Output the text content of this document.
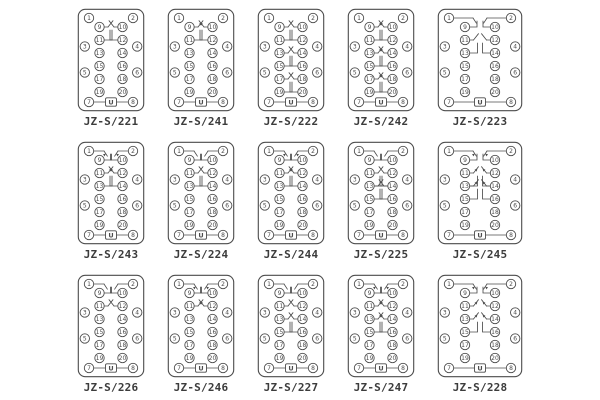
U
1
3
5
7
2
4
6
8
9
11
13
15
17
19
10
12
14
16
18
20
JZ-S/221
U
1
3
5
7
2
4
6
8
9
11
13
15
17
19
10
12
14
16
18
20
JZ-S/241
U
1
3
5
7
2
4
6
8
9
11
13
15
17
19
10
12
14
16
18
20
JZ-S/222
U
1
3
5
7
2
4
6
8
9
11
13
15
17
19
10
12
14
16
18
20
JZ-S/242
U
1
3
5
7
2
4
6
8
9
11
13
15
17
19
10
12
14
16
18
20
JZ-S/223
U
1
3
5
7
2
4
6
8
9
11
13
15
17
19
10
12
14
16
18
20
JZ-S/243
U
1
3
5
7
2
4
6
8
9
11
13
15
17
19
10
12
14
16
18
20
JZ-S/224
U
1
3
5
7
2
4
6
8
9
11
13
15
17
19
10
12
14
16
18
20
JZ-S/244
U
1
3
5
7
2
4
6
8
9
11
13
15
17
19
10
12
14
16
18
20
JZ-S/225
U
1
3
5
7
2
4
6
8
9
11
13
15
17
19
10
12
14
16
18
20
JZ-S/245
U
1
3
5
7
2
4
6
8
9
11
13
15
17
19
10
12
14
16
18
20
JZ-S/226
U
1
3
5
7
2
4
6
8
9
11
13
15
17
19
10
12
14
16
18
20
JZ-S/246
U
1
3
5
7
2
4
6
8
9
11
13
15
17
19
10
12
14
16
18
20
JZ-S/227
U
1
3
5
7
2
4
6
8
9
11
13
15
17
19
10
12
14
16
18
20
JZ-S/247
U
1
3
5
7
2
4
6
8
9
11
13
15
17
19
10
12
14
16
18
20
JZ-S/228
